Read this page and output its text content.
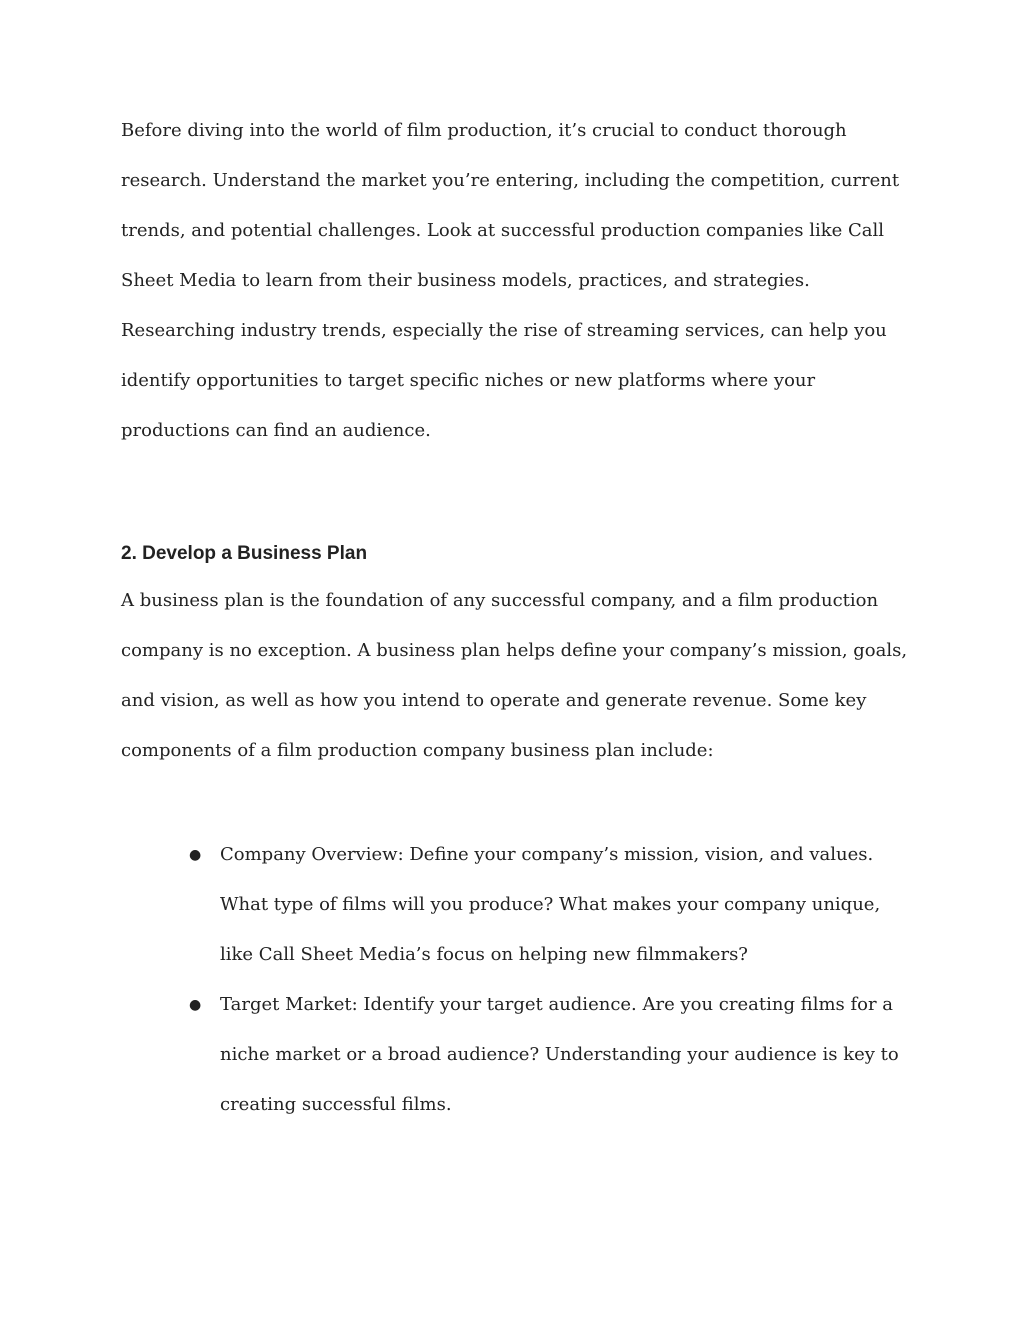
Before diving into the world of film production, it’s crucial to conduct thorough research. Understand the market you’re entering, including the competition, current trends, and potential challenges. Look at successful production companies like Call Sheet Media to learn from their business models, practices, and strategies. Researching industry trends, especially the rise of streaming services, can help you identify opportunities to target specific niches or new platforms where your productions can find an audience.

2. Develop a Business Plan

A business plan is the foundation of any successful company, and a film production company is no exception. A business plan helps define your company’s mission, goals, and vision, as well as how you intend to operate and generate revenue. Some key components of a film production company business plan include:

● Company Overview: Define your company’s mission, vision, and values. What type of films will you produce? What makes your company unique, like Call Sheet Media’s focus on helping new filmmakers?
● Target Market: Identify your target audience. Are you creating films for a niche market or a broad audience? Understanding your audience is key to creating successful films.
